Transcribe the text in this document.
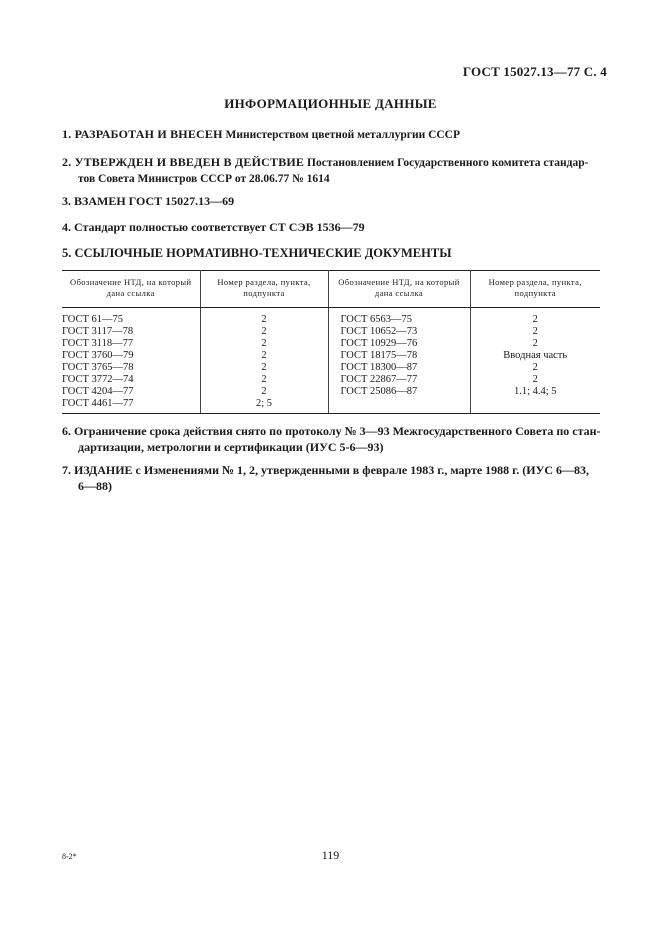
ГОСТ 15027.13—77 С. 4
ИНФОРМАЦИОННЫЕ ДАННЫЕ
1. РАЗРАБОТАН И ВНЕСЕН Министерством цветной металлургии СССР
2. УТВЕРЖДЕН И ВВЕДЕН В ДЕЙСТВИЕ Постановлением Государственного комитета стандар-
тов Совета Министров СССР от 28.06.77 № 1614
3. ВЗАМЕН ГОСТ 15027.13—69
4. Стандарт полностью соответствует СТ СЭВ 1536—79
5. ССЫЛОЧНЫЕ НОРМАТИВНО-ТЕХНИЧЕСКИЕ ДОКУМЕНТЫ
Обозначение НТД, на который дана ссылка	Номер раздела, пункта, подпункта	Обозначение НТД, на который дана ссылка	Номер раздела, пункта, подпункта
ГОСТ 61—75	2	ГОСТ 6563—75	2
ГОСТ 3117—78	2	ГОСТ 10652—73	2
ГОСТ 3118—77	2	ГОСТ 10929—76	2
ГОСТ 3760—79	2	ГОСТ 18175—78	Вводная часть
ГОСТ 3765—78	2	ГОСТ 18300—87	2
ГОСТ 3772—74	2	ГОСТ 22867—77	2
ГОСТ 4204—77	2	ГОСТ 25086—87	1.1; 4.4; 5
ГОСТ 4461—77	2; 5		
6. Ограничение срока действия снято по протоколу № 3—93 Межгосударственного Совета по стан-
дартизации, метрологии и сертификации (ИУС 5-6—93)
7. ИЗДАНИЕ с Изменениями № 1, 2, утвержденными в феврале 1983 г., марте 1988 г. (ИУС 6—83,
6—88)
8-2*	119
